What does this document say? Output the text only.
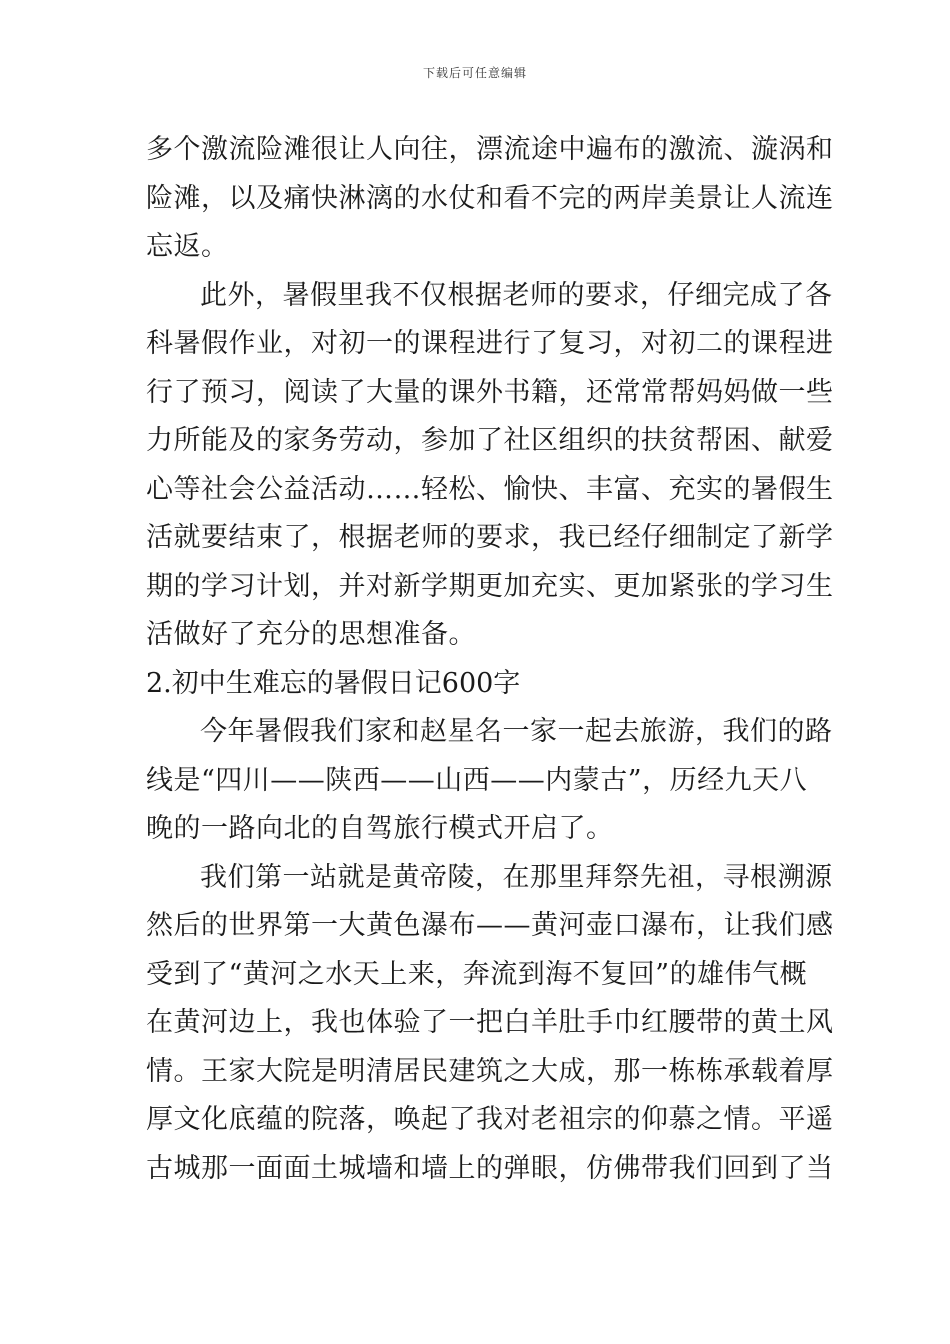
下载后可任意编辑
多个激流险滩很让人向往，漂流途中遍布的激流、漩涡和
险滩，以及痛快淋漓的水仗和看不完的两岸美景让人流连
忘返。
此外，暑假里我不仅根据老师的要求，仔细完成了各
科暑假作业，对初一的课程进行了复习，对初二的课程进
行了预习，阅读了大量的课外书籍，还常常帮妈妈做一些
力所能及的家务劳动，参加了社区组织的扶贫帮困、献爱
心等社会公益活动……轻松、愉快、丰富、充实的暑假生
活就要结束了，根据老师的要求，我已经仔细制定了新学
期的学习计划，并对新学期更加充实、更加紧张的学习生
活做好了充分的思想准备。
2.初中生难忘的暑假日记600字
今年暑假我们家和赵星名一家一起去旅游，我们的路
线是“四川——陕西——山西——内蒙古”，历经九天八
晚的一路向北的自驾旅行模式开启了。
我们第一站就是黄帝陵，在那里拜祭先祖，寻根溯源
然后的世界第一大黄色瀑布——黄河壶口瀑布，让我们感
受到了“黄河之水天上来，奔流到海不复回”的雄伟气概
在黄河边上，我也体验了一把白羊肚手巾红腰带的黄土风
情。王家大院是明清居民建筑之大成，那一栋栋承载着厚
厚文化底蕴的院落，唤起了我对老祖宗的仰慕之情。平遥
古城那一面面土城墙和墙上的弹眼，仿佛带我们回到了当
